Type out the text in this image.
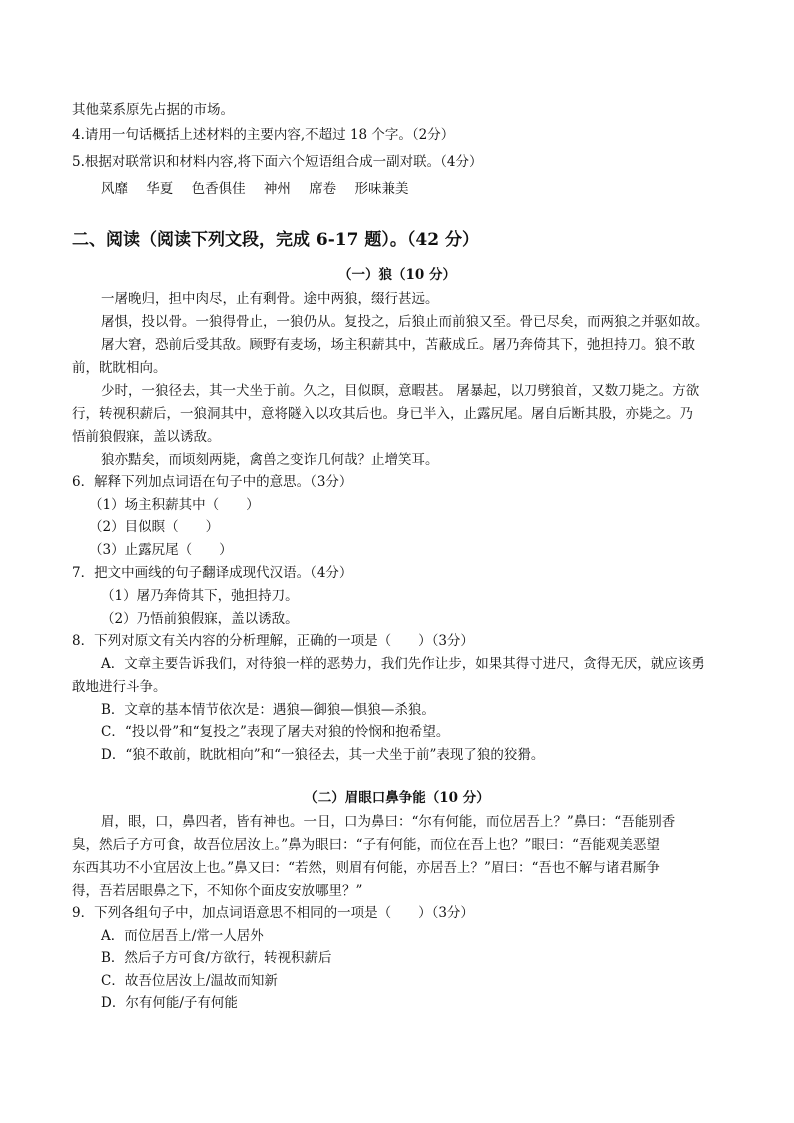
其他菜系原先占据的市场。
4.请用一句话概括上述材料的主要内容,不超过 18 个字。（2分）
5.根据对联常识和材料内容,将下面六个短语组合成一副对联。（4分）
风靡 华夏 色香俱佳 神州 席卷 形味兼美
二、阅读（阅读下列文段，完成 6-17 题）。（42 分）
（一）狼（10 分）
一屠晚归，担中肉尽，止有剩骨。途中两狼，缀行甚远。
屠惧，投以骨。一狼得骨止，一狼仍从。复投之，后狼止而前狼又至。骨已尽矣，而两狼之并驱如故。
屠大窘，恐前后受其敌。顾野有麦场，场主积薪其中，苫蔽成丘。屠乃奔倚其下，弛担持刀。狼不敢
前，眈眈相向。
少时，一狼径去，其一犬坐于前。久之，目似瞑，意暇甚。 屠暴起，以刀劈狼首，又数刀毙之。方欲
行，转视积薪后，一狼洞其中，意将隧入以攻其后也。身已半入，止露尻尾。屠自后断其股，亦毙之。乃
悟前狼假寐，盖以诱敌。
狼亦黠矣，而顷刻两毙，禽兽之变诈几何哉？止增笑耳。
6．解释下列加点词语在句子中的意思。（3分）
（1）场主积薪其中（　　）
（2）目似瞑（　　）
（3）止露尻尾（　　）
7．把文中画线的句子翻译成现代汉语。（4分）
（1）屠乃奔倚其下，弛担持刀。
（2）乃悟前狼假寐，盖以诱敌。
8．下列对原文有关内容的分析理解，正确的一项是（　　）（3分）
A．文章主要告诉我们，对待狼一样的恶势力，我们先作让步，如果其得寸进尺，贪得无厌，就应该勇
敢地进行斗争。
B．文章的基本情节依次是：遇狼—御狼—惧狼—杀狼。
C．“投以骨”和“复投之”表现了屠夫对狼的怜悯和抱希望。
D．“狼不敢前，眈眈相向”和“一狼径去，其一犬坐于前”表现了狼的狡猾。
（二）眉眼口鼻争能（10 分）
眉，眼，口，鼻四者，皆有神也。一日，口为鼻曰：“尔有何能，而位居吾上？”鼻曰：“吾能别香
臭，然后子方可食，故吾位居汝上。”鼻为眼曰：“子有何能，而位在吾上也？”眼曰：“吾能观美恶望
东西其功不小宜居汝上也。”鼻又曰：“若然，则眉有何能，亦居吾上？”眉曰：“吾也不解与诸君厮争
得，吾若居眼鼻之下，不知你个面皮安放哪里？”
9．下列各组句子中，加点词语意思不相同的一项是（　　）（3分）
A．而位居吾上/常一人居外
B．然后子方可食/方欲行，转视积薪后
C．故吾位居汝上/温故而知新
D．尔有何能/子有何能
